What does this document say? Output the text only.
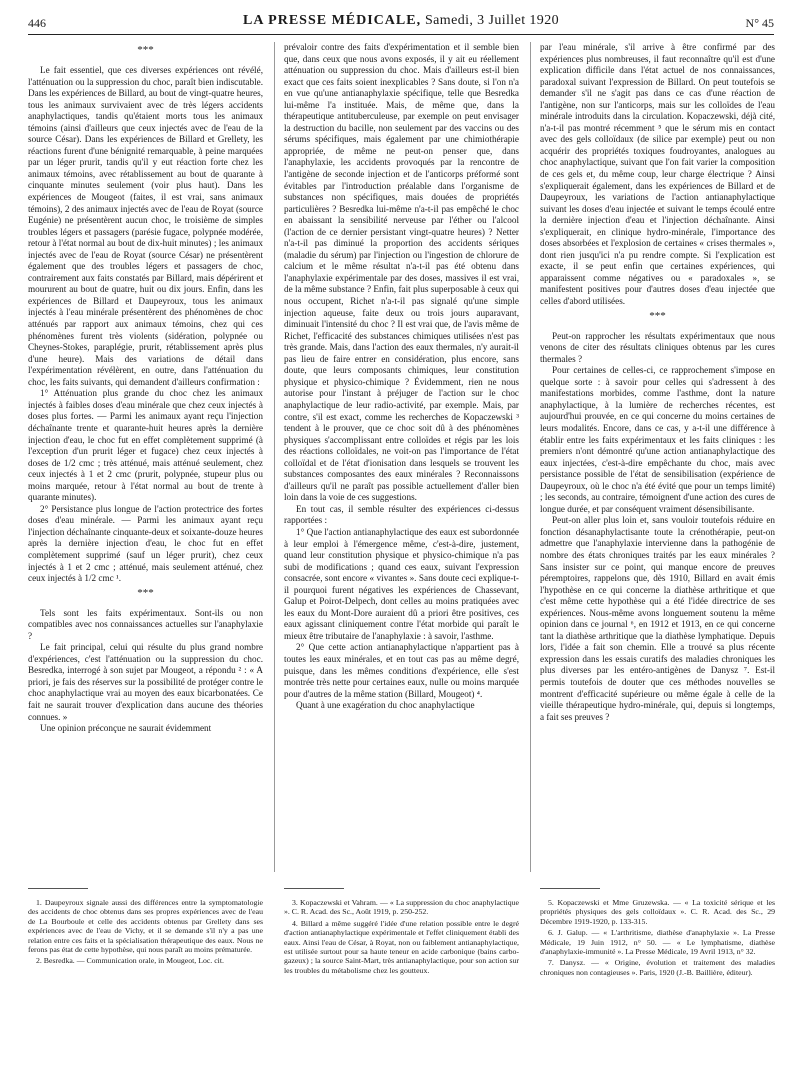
446	LA PRESSE MÉDICALE, Samedi, 3 Juillet 1920	N° 45
***

Le fait essentiel, que ces diverses expériences ont révélé, l'atténuation ou la suppression du choc, paraît bien indiscutable. Dans les expériences de Billard, au bout de vingt-quatre heures, tous les animaux survivaient avec de très légers accidents anaphylactiques, tandis qu'étaient morts tous les animaux témoins (ainsi d'ailleurs que ceux injectés avec de l'eau de la source César). Dans les expériences de Billard et Grellety, les réactions furent d'une bénignité remarquable, à peine marquées par un léger prurit, tandis qu'il y eut réaction forte chez les animaux témoins, avec rétablissement au bout de quarante à cinquante minutes seulement (voir plus haut). Dans les expériences de Mougeot (faites, il est vrai, sans animaux témoins), 2 des animaux injectés avec de l'eau de Royat (source Eugénie) ne présentèrent aucun choc, le troisième de simples troubles légers et passagers (parésie fugace, polypnée modérée, retour à l'état normal au bout de dix-huit minutes) ; les animaux injectés avec de l'eau de Royat (source César) ne présentèrent également que des troubles légers et passagers de choc, contrairement aux faits constatés par Billard, mais dépérirent et moururent au bout de quatre, huit ou dix jours. Enfin, dans les expériences de Billard et Daupeyroux, tous les animaux injectés à l'eau minérale présentèrent des phénomènes de choc atténués par rapport aux animaux témoins, chez qui ces phénomènes furent très violents (sidération, polypnée ou Cheynes-Stokes, paraplégie, prurit, rétablissement après plus d'une heure). Mais des variations de détail dans l'expérimentation révélèrent, en outre, dans l'atténuation du choc, les faits suivants, qui demandent d'ailleurs confirmation :

1° Atténuation plus grande du choc chez les animaux injectés à faibles doses d'eau minérale que chez ceux injectés à doses plus fortes. — Parmi les animaux ayant reçu l'injection déchaînante trente et quarante-huit heures après la dernière injection d'eau, le choc fut en effet complètement supprimé (à l'exception d'un prurit léger et fugace) chez ceux injectés à doses de 1/2 cmc ; très atténué, mais atténué seulement, chez ceux injectés à 1 et 2 cmc (prurit, polypnée, stupeur plus ou moins marquée, retour à l'état normal au bout de trente à quarante minutes).

2° Persistance plus longue de l'action protectrice des fortes doses d'eau minérale. — Parmi les animaux ayant reçu l'injection déchaînante cinquante-deux et soixante-douze heures après la dernière injection d'eau, le choc fut en effet complètement supprimé (sauf un léger prurit), chez ceux injectés à 1 et 2 cmc ; atténué, mais seulement atténué, chez ceux injectés à 1/2 cmc ¹.

***

Tels sont les faits expérimentaux. Sont-ils ou non compatibles avec nos connaissances actuelles sur l'anaphylaxie ?

Le fait principal, celui qui résulte du plus grand nombre d'expériences, c'est l'atténuation ou la suppression du choc. Besredka, interrogé à son sujet par Mougeot, a répondu ² : « A priori, je fais des réserves sur la possibilité de protéger contre le choc anaphylactique vrai au moyen des eaux bicarbonatées. Ce fait ne saurait trouver d'explication dans aucune des théories connues. »

Une opinion préconçue ne saurait évidemment

prévaloir contre des faits d'expérimentation et il semble bien que, dans ceux que nous avons exposés, il y ait eu réellement atténuation ou suppression du choc. Mais d'ailleurs est-il bien exact que ces faits soient inexplicables ? Sans doute, si l'on n'a en vue qu'une antianaphylaxie spécifique, telle que Besredka lui-même l'a instituée. Mais, de même que, dans la thérapeutique antituberculeuse, par exemple on peut envisager la destruction du bacille, non seulement par des vaccins ou des sérums spécifiques, mais également par une chimiothérapie appropriée, de même ne peut-on penser que, dans l'anaphylaxie, les accidents provoqués par la rencontre de l'antigène de seconde injection et de l'anticorps préformé sont évitables par l'introduction préalable dans l'organisme de substances non spécifiques, mais douées de propriétés particulières ? Besredka lui-même n'a-t-il pas empêché le choc en abaissant la sensibilité nerveuse par l'éther ou l'alcool (l'action de ce dernier persistant vingt-quatre heures) ? Netter n'a-t-il pas diminué la proportion des accidents sériques (maladie du sérum) par l'injection ou l'ingestion de chlorure de calcium et le même résultat n'a-t-il pas été obtenu dans l'anaphylaxie expérimentale par des doses, massives il est vrai, de la même substance ? Enfin, fait plus superposable à ceux qui nous occupent, Richet n'a-t-il pas signalé qu'une simple injection aqueuse, faite deux ou trois jours auparavant, diminuait l'intensité du choc ? Il est vrai que, de l'avis même de Richet, l'efficacité des substances chimiques utilisées n'est pas très grande. Mais, dans l'action des eaux thermales, n'y aurait-il pas lieu de faire entrer en considération, plus encore, sans doute, que leurs composants chimiques, leur constitution physique et physico-chimique ? Évidemment, rien ne nous autorise pour l'instant à préjuger de l'action sur le choc anaphylactique de leur radio-activité, par exemple. Mais, par contre, s'il est exact, comme les recherches de Kopaczewski ³ tendent à le prouver, que ce choc soit dû à des phénomènes physiques s'accomplissant entre colloïdes et régis par les lois des réactions colloïdales, ne voit-on pas l'importance de l'état colloïdal et de l'état d'ionisation dans lesquels se trouvent les substances composantes des eaux minérales ? Reconnaissons d'ailleurs qu'il ne paraît pas possible actuellement d'aller bien loin dans la voie de ces suggestions.

En tout cas, il semble résulter des expériences ci-dessus rapportées :

1° Que l'action antianaphylactique des eaux est subordonnée à leur emploi à l'émergence même, c'est-à-dire, justement, quand leur constitution physique et physico-chimique n'a pas subi de modifications ; quand ces eaux, suivant l'expression consacrée, sont encore « vivantes ». Sans doute ceci explique-t-il pourquoi furent négatives les expériences de Chassevant, Galup et Poirot-Delpech, dont celles au moins pratiquées avec les eaux du Mont-Dore auraient dû a priori être positives, ces eaux agissant cliniquement contre l'état morbide qui paraît le mieux être tributaire de l'anaphylaxie : à savoir, l'asthme.

2° Que cette action antianaphylactique n'appartient pas à toutes les eaux minérales, et en tout cas pas au même degré, puisque, dans les mêmes conditions d'expérience, elle s'est montrée très nette pour certaines eaux, nulle ou moins marquée pour d'autres de la même station (Billard, Mougeot) ⁴.

Quant à une exagération du choc anaphylactique

par l'eau minérale, s'il arrive à être confirmé par des expériences plus nombreuses, il faut reconnaître qu'il est d'une explication difficile dans l'état actuel de nos connaissances, paradoxal suivant l'expression de Billard. On peut toutefois se demander s'il ne s'agit pas dans ce cas d'une réaction de l'antigène, non sur l'anticorps, mais sur les colloïdes de l'eau minérale introduits dans la circulation. Kopaczewski, déjà cité, n'a-t-il pas montré récemment ⁵ que le sérum mis en contact avec des gels colloïdaux (de silice par exemple) peut ou non acquérir des propriétés toxiques foudroyantes, analogues au choc anaphylactique, suivant que l'on fait varier la composition de ces gels et, du même coup, leur charge électrique ? Ainsi s'expliquerait également, dans les expériences de Billard et de Daupeyroux, les variations de l'action antianaphylactique suivant les doses d'eau injectée et suivant le temps écoulé entre la dernière injection d'eau et l'injection déchaînante. Ainsi s'expliquerait, en clinique hydro-minérale, l'importance des doses absorbées et l'explosion de certaines « crises thermales », dont rien jusqu'ici n'a pu rendre compte. Si l'explication est exacte, il se peut enfin que certaines expériences, qui apparaissent comme négatives ou « paradoxales », se manifestent positives pour d'autres doses d'eau injectée que celles d'abord utilisées.

***

Peut-on rapprocher les résultats expérimentaux que nous venons de citer des résultats cliniques obtenus par les cures thermales ?

Pour certaines de celles-ci, ce rapprochement s'impose en quelque sorte : à savoir pour celles qui s'adressent à des manifestations morbides, comme l'asthme, dont la nature anaphylactique, à la lumière de recherches récentes, est aujourd'hui prouvée, en ce qui concerne du moins certaines de leurs modalités. Encore, dans ce cas, y a-t-il une différence à établir entre les faits expérimentaux et les faits cliniques : les premiers n'ont démontré qu'une action antianaphylactique des eaux injectées, c'est-à-dire empêchante du choc, mais avec persistance possible de l'état de sensibilisation (expérience de Daupeyroux, où le choc n'a été évité que pour un temps limité) ; les seconds, au contraire, témoignent d'une action des cures de longue durée, et par conséquent vraiment désensibilisante.

Peut-on aller plus loin et, sans vouloir toutefois réduire en fonction désanaphylactisante toute la crénothérapie, peut-on admettre que l'anaphylaxie intervienne dans la pathogénie de nombre des états chroniques traités par les eaux minérales ? Sans insister sur ce point, qui manque encore de preuves péremptoires, rappelons que, dès 1910, Billard en avait émis l'hypothèse en ce qui concerne la diathèse arthritique et que c'est même cette hypothèse qui a été l'idée directrice de ses expériences. Nous-même avons longuement soutenu la même opinion dans ce journal ⁶, en 1912 et 1913, en ce qui concerne tant la diathèse arthritique que la diathèse lymphatique. Depuis lors, l'idée a fait son chemin. Elle a trouvé sa plus récente expression dans les essais curatifs des maladies chroniques les plus diverses par les entéro-antigènes de Danysz ⁷. Est-il permis toutefois de douter que ces méthodes nouvelles se montrent d'efficacité supérieure ou même égale à celle de la vieille thérapeutique hydro-minérale, qui, depuis si longtemps, a fait ses preuves ?

1. Daupeyroux signale aussi des différences entre la symptomatologie des accidents de choc obtenus dans ses propres expériences avec de l'eau de La Bourboule et celle des accidents obtenus par Grellety dans ses expériences avec de l'eau de Vichy, et il se demande s'il n'y a pas une relation entre ces faits et la spécialisation thérapeutique des eaux. Nous ne ferons pas état de cette hypothèse, qui nous paraît au moins prématurée.

2. Besredka. — Communication orale, in Mougeot, Loc. cit.

3. Kopaczewski et Vahram. — « La suppression du choc anaphylactique ». C. R. Acad. des Sc., Août 1919, p. 250-252.

4. Billard a même suggéré l'idée d'une relation possible entre le degré d'action antianaphylactique expérimentale et l'effet cliniquement établi des eaux. Ainsi l'eau de César, à Royat, non ou faiblement antianaphylactique, est utilisée surtout pour sa haute teneur en acide carbonique (bains carbo-gazeux) ; la source Saint-Mart, très antianaphylactique, pour son action sur les troubles du métabolisme chez les goutteux.

5. Kopaczewski et Mme Gruzewska. — « La toxicité sérique et les propriétés physiques des gels colloïdaux ». C. R. Acad. des Sc., 29 Décembre 1919-1920, p. 133-315.

6. J. Galup. — « L'arthritisme, diathèse d'anaphylaxie ». La Presse Médicale, 19 Juin 1912, n° 50. — « Le lymphatisme, diathèse d'anaphylaxie-immunité ». La Presse Médicale, 19 Avril 1913, n° 32.

7. Danysz. — « Origine, évolution et traitement des maladies chroniques non contagieuses ». Paris, 1920 (J.-B. Baillière, éditeur).
